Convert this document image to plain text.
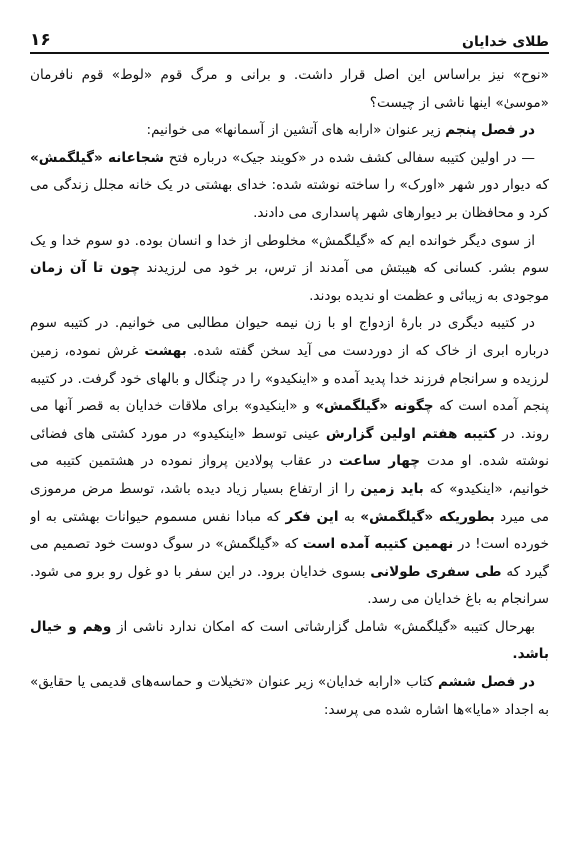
۱۶	طلای خدایان

«نوح» نیز براساس این اصل قرار داشت. و برانی و مرگ قوم «لوط» قوم نافرمان «موسیٰ» اینها ناشی از چیست؟

در فصل پنجم زیر عنوان «ارابه های آتشین از آسمانها» می خوانیم:

— در اولین کتیبه سفالی کشف شده در «کویند جیک» درباره فتح شجاعانه «گیلگمش» که دیوار دور شهر «اورک» را ساخته نوشته شده: خدای بهشتی در یک خانه مجلل زندگی می کرد و محافظان بر دیوارهای شهر پاسداری می دادند.

از سوی دیگر خوانده ایم که «گیلگمش» مخلوطی از خدا و انسان بوده. دو سوم خدا و یک سوم بشر. کسانی که هیبتش می آمدند از ترس، بر خود می لرزیدند چون تا آن زمان موجودی به زیبائی و عظمت او ندیده بودند.

در کتیبه دیگری در بارهٔ ازدواج او با زن نیمه حیوان مطالبی می خوانیم. در کتیبه سوم درباره ابری از خاک که از دوردست می آید سخن گفته شده. بهشت غرش نموده، زمین لرزیده و سرانجام فرزند خدا پدید آمده و «اینکیدو» را در چنگال و بالهای خود گرفت. در کتیبه پنجم آمده است که چگونه «گیلگمش» و «اینکیدو» برای ملاقات خدایان به قصر آنها می روند. در کتیبه هفتم اولین گزارش عینی توسط «اینکیدو» در مورد کشتی های فضائی نوشته شده. او مدت چهار ساعت در عقاب پولادین پرواز نموده در هشتمین کتیبه می خوانیم، «اینکیدو» که باید زمین را از ارتفاع بسیار زیاد دیده باشد، توسط مرض مرموزی می میرد بطوریکه «گیلگمش» به این فکر که مبادا نفس مسموم حیوانات بهشتی به او خورده است! در نهمین کتیبه آمده است که «گیلگمش» در سوگ دوست خود تصمیم می گیرد که طی سفری طولانی بسوی خدایان برود. در این سفر با دو غول رو برو می شود. سرانجام به باغ خدایان می رسد.

بهرحال کتیبه «گیلگمش» شامل گزارشاتی است که امکان ندارد ناشی از وهم و خیال باشد.

در فصل ششم کتاب «ارابه خدایان» زیر عنوان «تخیلات و حماسه‌های قدیمی یا حقایق» به اجداد «مایا»ها اشاره شده می پرسد:
